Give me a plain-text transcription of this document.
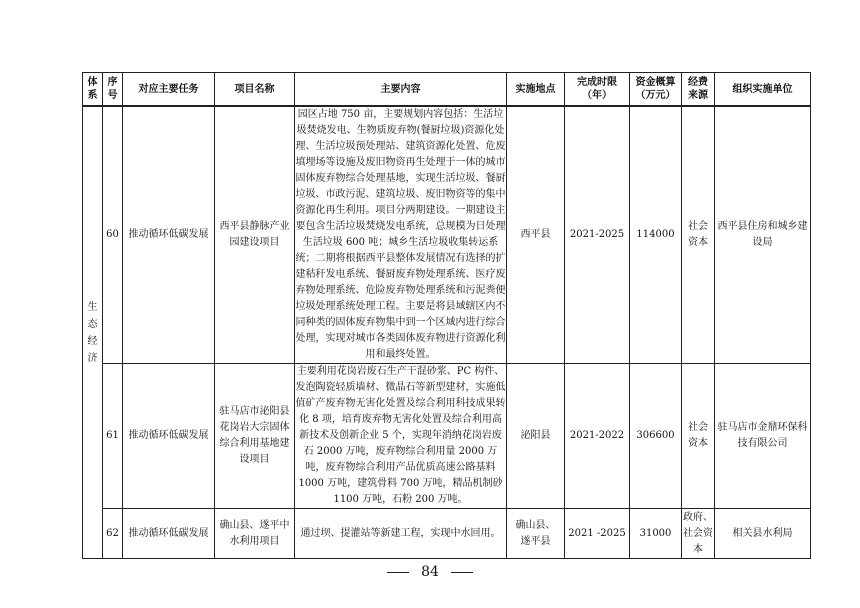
体系	序号	对应主要任务	项目名称	主要内容	实施地点	完成时限（年）	资金概算（万元）	经费来源	组织实施单位
生态经济	60	推动循环低碳发展	西平县静脉产业园建设项目	园区占地 750 亩，主要规划内容包括：生活垃圾焚烧发电、生物质废弃物(餐厨垃圾)资源化处理、生活垃圾预处理站、建筑资源化处置、危废填埋场等设施及废旧物资再生处理于一体的城市固体废弃物综合处理基地，实现生活垃圾、餐厨垃圾、市政污泥、建筑垃圾、废旧物资等的集中资源化再生利用。项目分两期建设。一期建设主要包含生活垃圾焚烧发电系统，总规模为日处理生活垃圾 600 吨；城乡生活垃圾收集转运系统；二期将根据西平县整体发展情况有选择的扩建秸秆发电系统、餐厨废弃物处理系统、医疗废弃物处理系统、危险废弃物处理系统和污泥粪便垃圾处理系统处理工程。主要是将县域辖区内不同种类的固体废弃物集中到一个区域内进行综合处理，实现对城市各类固体废弃物进行资源化利用和最终处置。	西平县	2021-2025	114000	社会资本	西平县住房和城乡建设局
	61	推动循环低碳发展	驻马店市泌阳县花岗岩大宗固体综合利用基地建设项目	主要利用花岗岩废石生产干混砂浆、PC 构件、发泡陶瓷轻质墙材、微晶石等新型建材，实施低值矿产废弃物无害化处置及综合利用科技成果转化 8 项，培育废弃物无害化处置及综合利用高新技术及创新企业 5 个，实现年消纳花岗岩废石 2000 万吨，废弃物综合利用量 2000 万吨，废弃物综合利用产品优质高速公路基料 1000 万吨，建筑骨料 700 万吨，精品机制砂 1100 万吨，石粉 200 万吨。	泌阳县	2021-2022	306600	社会资本	驻马店市金鼎环保科技有限公司
	62	推动循环低碳发展	确山县、遂平中水利用项目	通过坝、提灌站等新建工程，实现中水回用。	确山县、遂平县	2021 -2025	31000	政府、社会资本	相关县水利局
84
